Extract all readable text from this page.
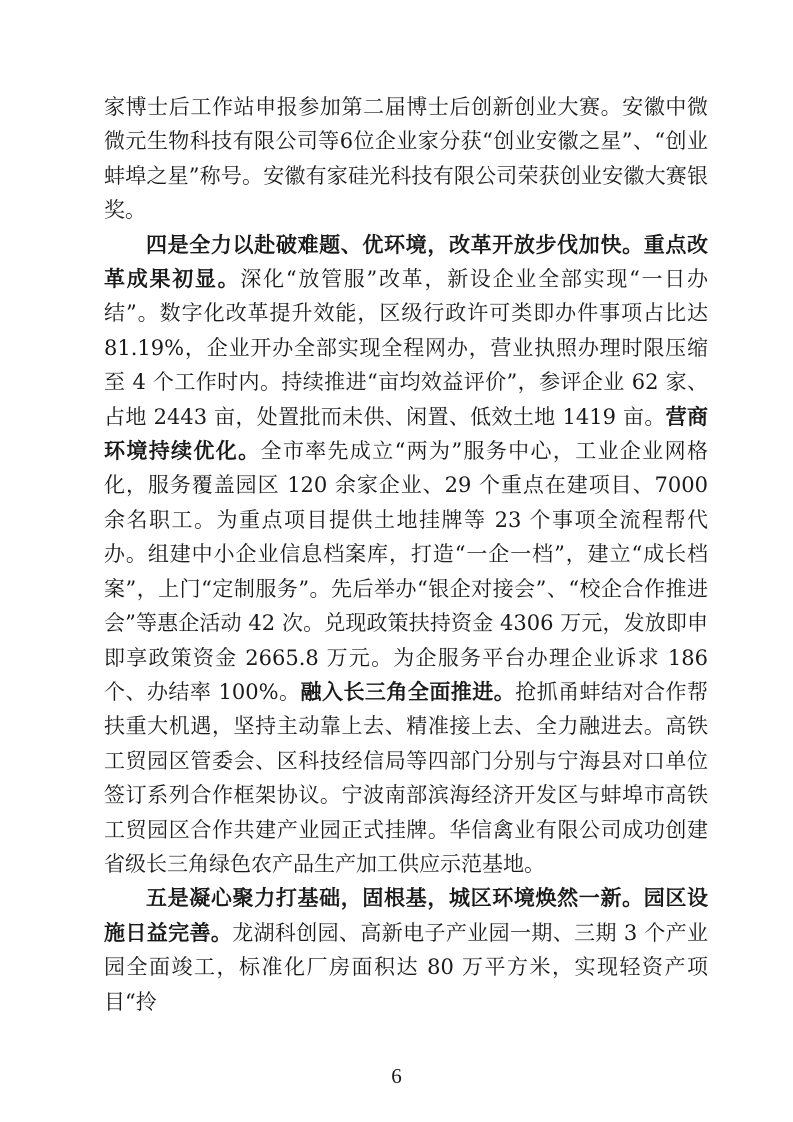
家博士后工作站申报参加第二届博士后创新创业大赛。安徽中微微元生物科技有限公司等6位企业家分获“创业安徽之星”、“创业蚌埠之星”称号。安徽有家硅光科技有限公司荣获创业安徽大赛银奖。

四是全力以赴破难题、优环境，改革开放步伐加快。重点改革成果初显。深化“放管服”改革，新设企业全部实现“一日办结”。数字化改革提升效能，区级行政许可类即办件事项占比达 81.19%，企业开办全部实现全程网办，营业执照办理时限压缩至 4 个工作时内。持续推进“亩均效益评价”，参评企业 62 家、占地 2443 亩，处置批而未供、闲置、低效土地 1419 亩。营商环境持续优化。全市率先成立“两为”服务中心，工业企业网格化，服务覆盖园区 120 余家企业、29 个重点在建项目、7000 余名职工。为重点项目提供土地挂牌等 23 个事项全流程帮代办。组建中小企业信息档案库，打造“一企一档”，建立“成长档案”，上门“定制服务”。先后举办“银企对接会”、“校企合作推进会”等惠企活动 42 次。兑现政策扶持资金 4306 万元，发放即申即享政策资金 2665.8 万元。为企服务平台办理企业诉求 186 个、办结率 100%。融入长三角全面推进。抢抓甬蚌结对合作帮扶重大机遇，坚持主动靠上去、精准接上去、全力融进去。高铁工贸园区管委会、区科技经信局等四部门分别与宁海县对口单位签订系列合作框架协议。宁波南部滨海经济开发区与蚌埠市高铁工贸园区合作共建产业园正式挂牌。华信禽业有限公司成功创建省级长三角绿色农产品生产加工供应示范基地。

五是凝心聚力打基础，固根基，城区环境焕然一新。园区设施日益完善。龙湖科创园、高新电子产业园一期、三期 3 个产业园全面竣工，标准化厂房面积达 80 万平方米，实现轻资产项目“拎

6
